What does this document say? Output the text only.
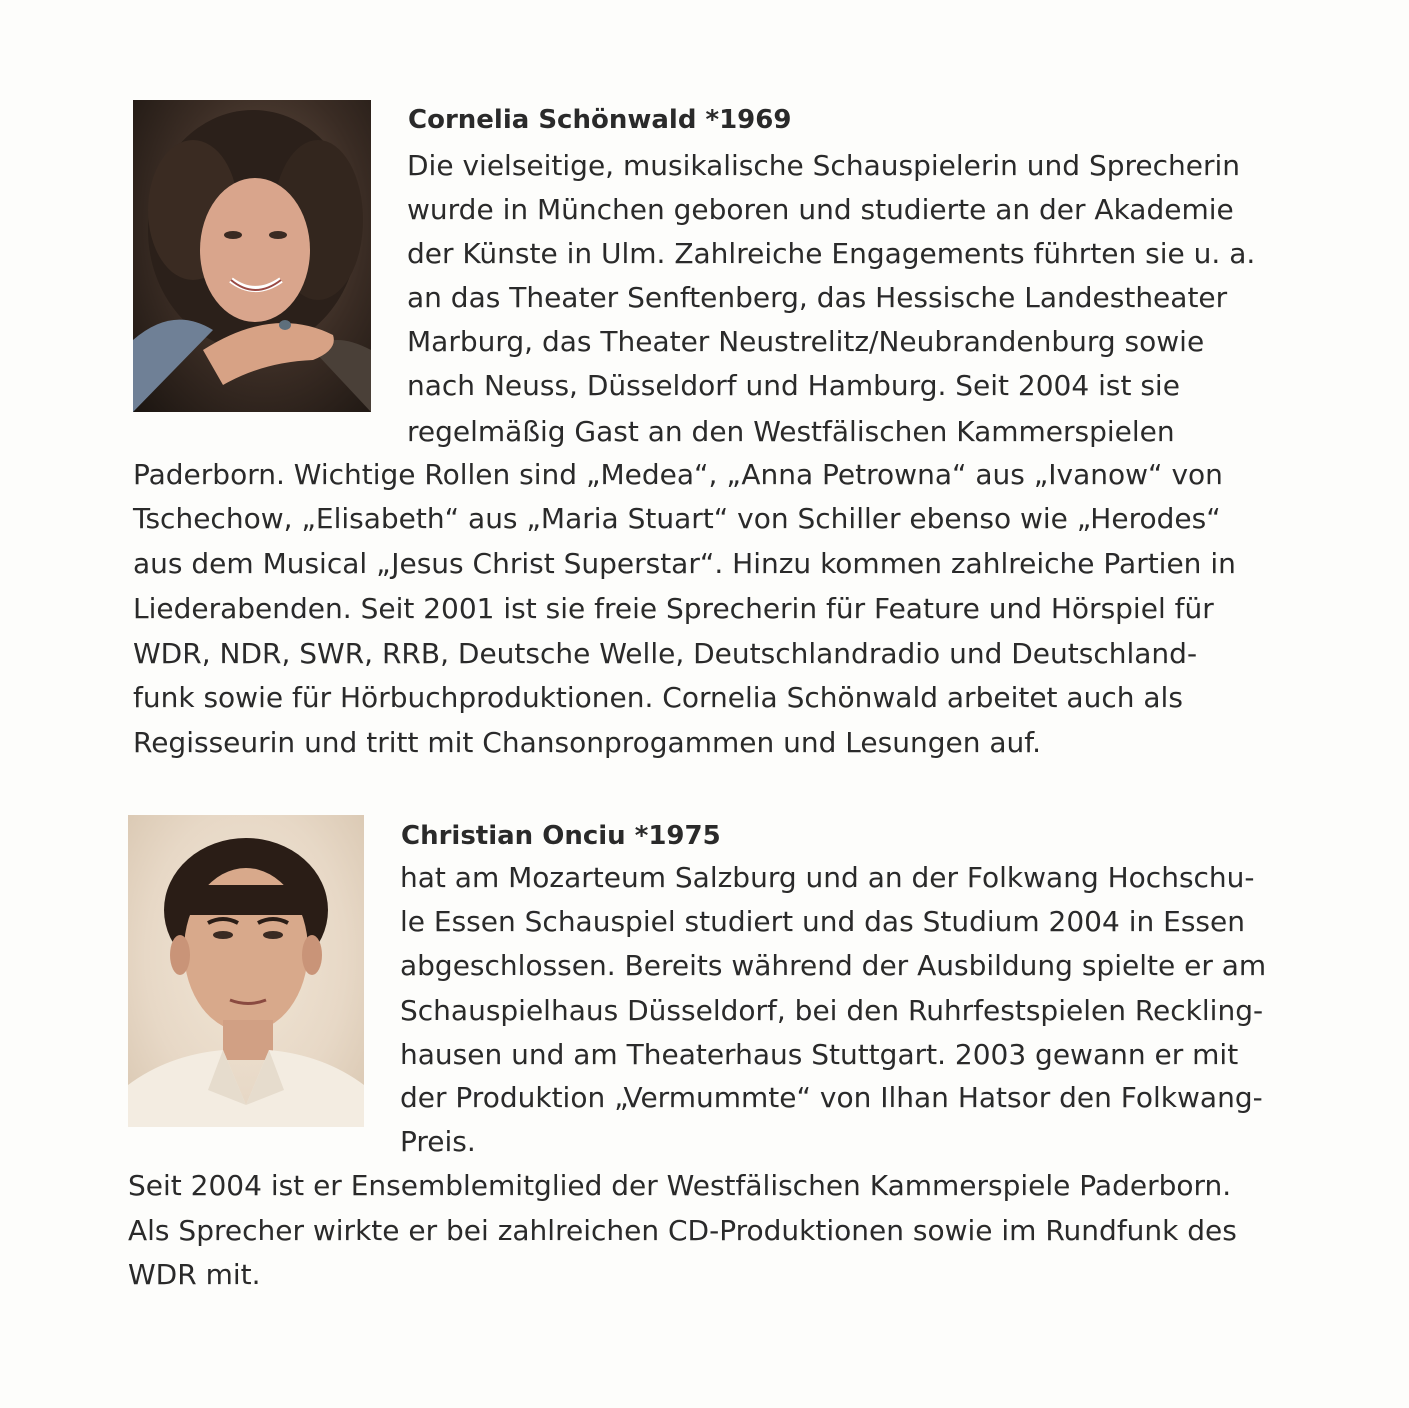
Cornelia Schönwald *1969
Die vielseitige, musikalische Schauspielerin und Sprecherin
wurde in München geboren und studierte an der Akademie
der Künste in Ulm. Zahlreiche Engagements führten sie u. a.
an das Theater Senftenberg, das Hessische Landestheater
Marburg, das Theater Neustrelitz/Neubrandenburg sowie
nach Neuss, Düsseldorf und Hamburg. Seit 2004 ist sie
regelmäßig Gast an den Westfälischen Kammerspielen
Paderborn. Wichtige Rollen sind „Medea“, „Anna Petrowna“ aus „Ivanow“ von
Tschechow, „Elisabeth“ aus „Maria Stuart“ von Schiller ebenso wie „Herodes“
aus dem Musical „Jesus Christ Superstar“. Hinzu kommen zahlreiche Partien in
Liederabenden. Seit 2001 ist sie freie Sprecherin für Feature und Hörspiel für
WDR, NDR, SWR, RRB, Deutsche Welle, Deutschlandradio und Deutschland-
funk sowie für Hörbuchproduktionen. Cornelia Schönwald arbeitet auch als
Regisseurin und tritt mit Chansonprogammen und Lesungen auf.
Christian Onciu *1975
hat am Mozarteum Salzburg und an der Folkwang Hochschu-
le Essen Schauspiel studiert und das Studium 2004 in Essen
abgeschlossen. Bereits während der Ausbildung spielte er am
Schauspielhaus Düsseldorf, bei den Ruhrfestspielen Reckling-
hausen und am Theaterhaus Stuttgart. 2003 gewann er mit
der Produktion „Vermummte“ von Ilhan Hatsor den Folkwang-
Preis.
Seit 2004 ist er Ensemblemitglied der Westfälischen Kammerspiele Paderborn.
Als Sprecher wirkte er bei zahlreichen CD-Produktionen sowie im Rundfunk des
WDR mit.
